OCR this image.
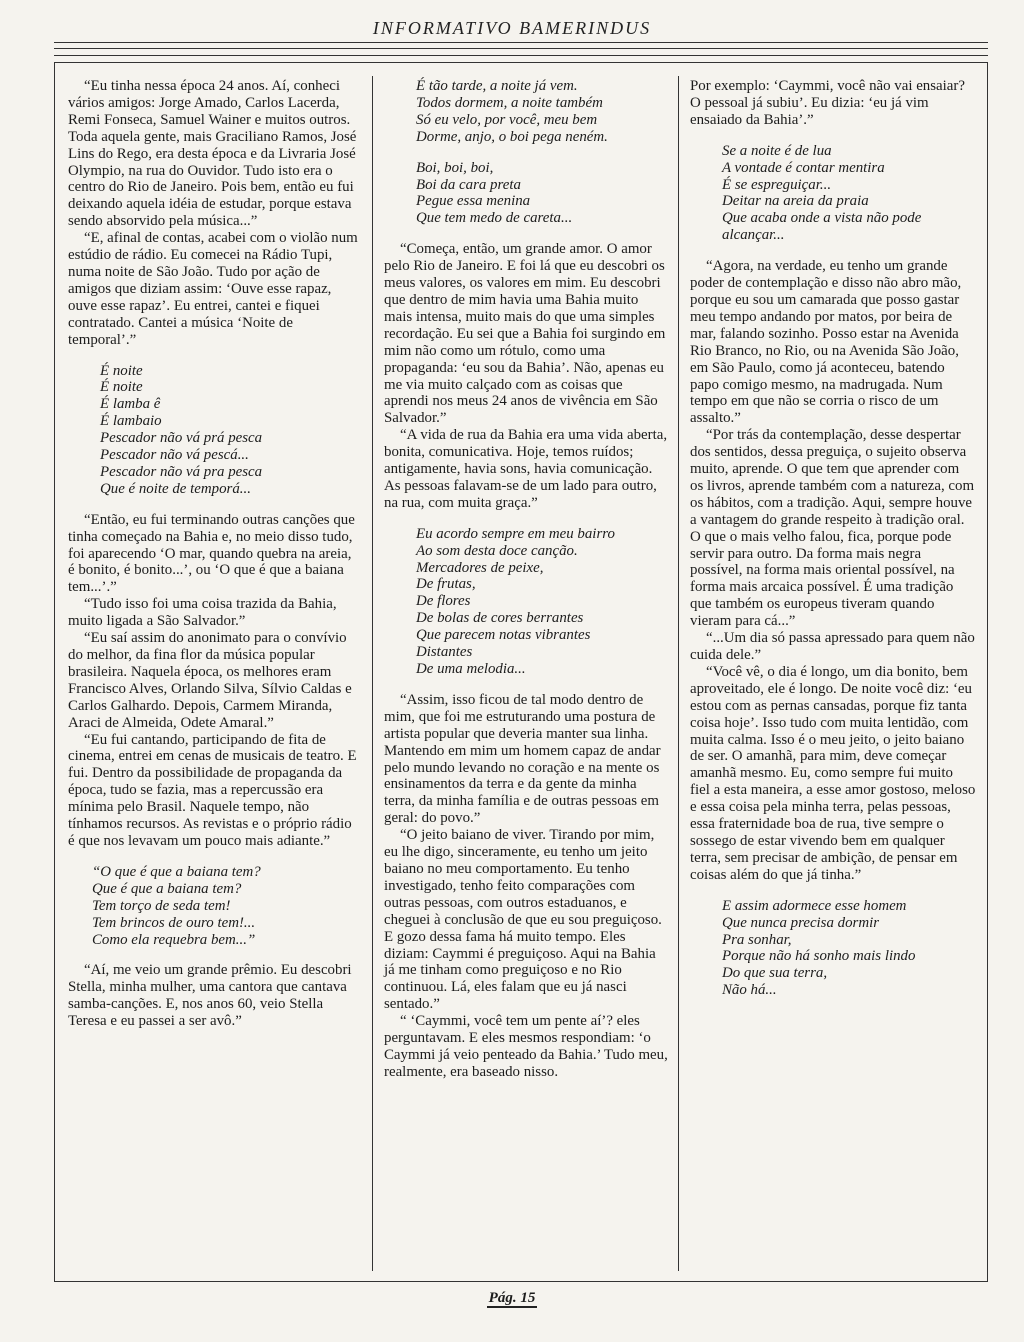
INFORMATIVO BAMERINDUS

“Eu tinha nessa época 24 anos. Aí, conheci vários amigos: Jorge Amado, Carlos Lacerda, Remi Fonseca, Samuel Wainer e muitos outros. Toda aquela gente, mais Graciliano Ramos, José Lins do Rego, era desta época e da Livraria José Olympio, na rua do Ouvidor. Tudo isto era o centro do Rio de Janeiro. Pois bem, então eu fui deixando aquela idéia de estudar, porque estava sendo absorvido pela música...”

“E, afinal de contas, acabei com o violão num estúdio de rádio. Eu comecei na Rádio Tupi, numa noite de São João. Tudo por ação de amigos que diziam assim: ‘Ouve esse rapaz, ouve esse rapaz’. Eu entrei, cantei e fiquei contratado. Cantei a música ‘Noite de temporal’.”

É noite
É noite
É lamba ê
É lambaio
Pescador não vá prá pesca
Pescador não vá pescá...
Pescador não vá pra pesca
Que é noite de temporá...

“Então, eu fui terminando outras canções que tinha começado na Bahia e, no meio disso tudo, foi aparecendo ‘O mar, quando quebra na areia, é bonito, é bonito...’, ou ‘O que é que a baiana tem...’.”

“Tudo isso foi uma coisa trazida da Bahia, muito ligada a São Salvador.”

“Eu saí assim do anonimato para o convívio do melhor, da fina flor da música popular brasileira. Naquela época, os melhores eram Francisco Alves, Orlando Silva, Sílvio Caldas e Carlos Galhardo. Depois, Carmem Miranda, Araci de Almeida, Odete Amaral.”

“Eu fui cantando, participando de fita de cinema, entrei em cenas de musicais de teatro. E fui. Dentro da possibilidade de propaganda da época, tudo se fazia, mas a repercussão era mínima pelo Brasil. Naquele tempo, não tínhamos recursos. As revistas e o próprio rádio é que nos levavam um pouco mais adiante.”

“O que é que a baiana tem?
Que é que a baiana tem?
Tem torço de seda tem!
Tem brincos de ouro tem!...
Como ela requebra bem...”

“Aí, me veio um grande prêmio. Eu descobri Stella, minha mulher, uma cantora que cantava samba-canções. E, nos anos 60, veio Stella Teresa e eu passei a ser avô.”

É tão tarde, a noite já vem.
Todos dormem, a noite também
Só eu velo, por você, meu bem
Dorme, anjo, o boi pega neném.
Boi, boi, boi,
Boi da cara preta
Pegue essa menina
Que tem medo de careta...

“Começa, então, um grande amor. O amor pelo Rio de Janeiro. E foi lá que eu descobri os meus valores, os valores em mim. Eu descobri que dentro de mim havia uma Bahia muito mais intensa, muito mais do que uma simples recordação. Eu sei que a Bahia foi surgindo em mim não como um rótulo, como uma propaganda: ‘eu sou da Bahia’. Não, apenas eu me via muito calçado com as coisas que aprendi nos meus 24 anos de vivência em São Salvador.”

“A vida de rua da Bahia era uma vida aberta, bonita, comunicativa. Hoje, temos ruídos; antigamente, havia sons, havia comunicação. As pessoas falavam-se de um lado para outro, na rua, com muita graça.”

Eu acordo sempre em meu bairro
Ao som desta doce canção.
Mercadores de peixe,
De frutas,
De flores
De bolas de cores berrantes
Que parecem notas vibrantes
Distantes
De uma melodia...

“Assim, isso ficou de tal modo dentro de mim, que foi me estruturando uma postura de artista popular que deveria manter sua linha. Mantendo em mim um homem capaz de andar pelo mundo levando no coração e na mente os ensinamentos da terra e da gente da minha terra, da minha família e de outras pessoas em geral: do povo.”

“O jeito baiano de viver. Tirando por mim, eu lhe digo, sinceramente, eu tenho um jeito baiano no meu comportamento. Eu tenho investigado, tenho feito comparações com outras pessoas, com outros estaduanos, e cheguei à conclusão de que eu sou preguiçoso. E gozo dessa fama há muito tempo. Eles diziam: Caymmi é preguiçoso. Aqui na Bahia já me tinham como preguiçoso e no Rio continuou. Lá, eles falam que eu já nasci sentado.”

“ ‘Caymmi, você tem um pente aí’? eles perguntavam. E eles mesmos respondiam: ‘o Caymmi já veio penteado da Bahia.’ Tudo meu, realmente, era baseado nisso.

Por exemplo: ‘Caymmi, você não vai ensaiar? O pessoal já subiu’. Eu dizia: ‘eu já vim ensaiado da Bahia’.”

Se a noite é de lua
A vontade é contar mentira
É se espreguiçar...
Deitar na areia da praia
Que acaba onde a vista não pode
alcançar...

“Agora, na verdade, eu tenho um grande poder de contemplação e disso não abro mão, porque eu sou um camarada que posso gastar meu tempo andando por matos, por beira de mar, falando sozinho. Posso estar na Avenida Rio Branco, no Rio, ou na Avenida São João, em São Paulo, como já aconteceu, batendo papo comigo mesmo, na madrugada. Num tempo em que não se corria o risco de um assalto.”

“Por trás da contemplação, desse despertar dos sentidos, dessa preguiça, o sujeito observa muito, aprende. O que tem que aprender com os livros, aprende também com a natureza, com os hábitos, com a tradição. Aqui, sempre houve a vantagem do grande respeito à tradição oral. O que o mais velho falou, fica, porque pode servir para outro. Da forma mais negra possível, na forma mais oriental possível, na forma mais arcaica possível. É uma tradição que também os europeus tiveram quando vieram para cá...”

“...Um dia só passa apressado para quem não cuida dele.”

“Você vê, o dia é longo, um dia bonito, bem aproveitado, ele é longo. De noite você diz: ‘eu estou com as pernas cansadas, porque fiz tanta coisa hoje’. Isso tudo com muita lentidão, com muita calma. Isso é o meu jeito, o jeito baiano de ser. O amanhã, para mim, deve começar amanhã mesmo. Eu, como sempre fui muito fiel a esta maneira, a esse amor gostoso, meloso e essa coisa pela minha terra, pelas pessoas, essa fraternidade boa de rua, tive sempre o sossego de estar vivendo bem em qualquer terra, sem precisar de ambição, de pensar em coisas além do que já tinha.”

E assim adormece esse homem
Que nunca precisa dormir
Pra sonhar,
Porque não há sonho mais lindo
Do que sua terra,
Não há...
Pág. 15
